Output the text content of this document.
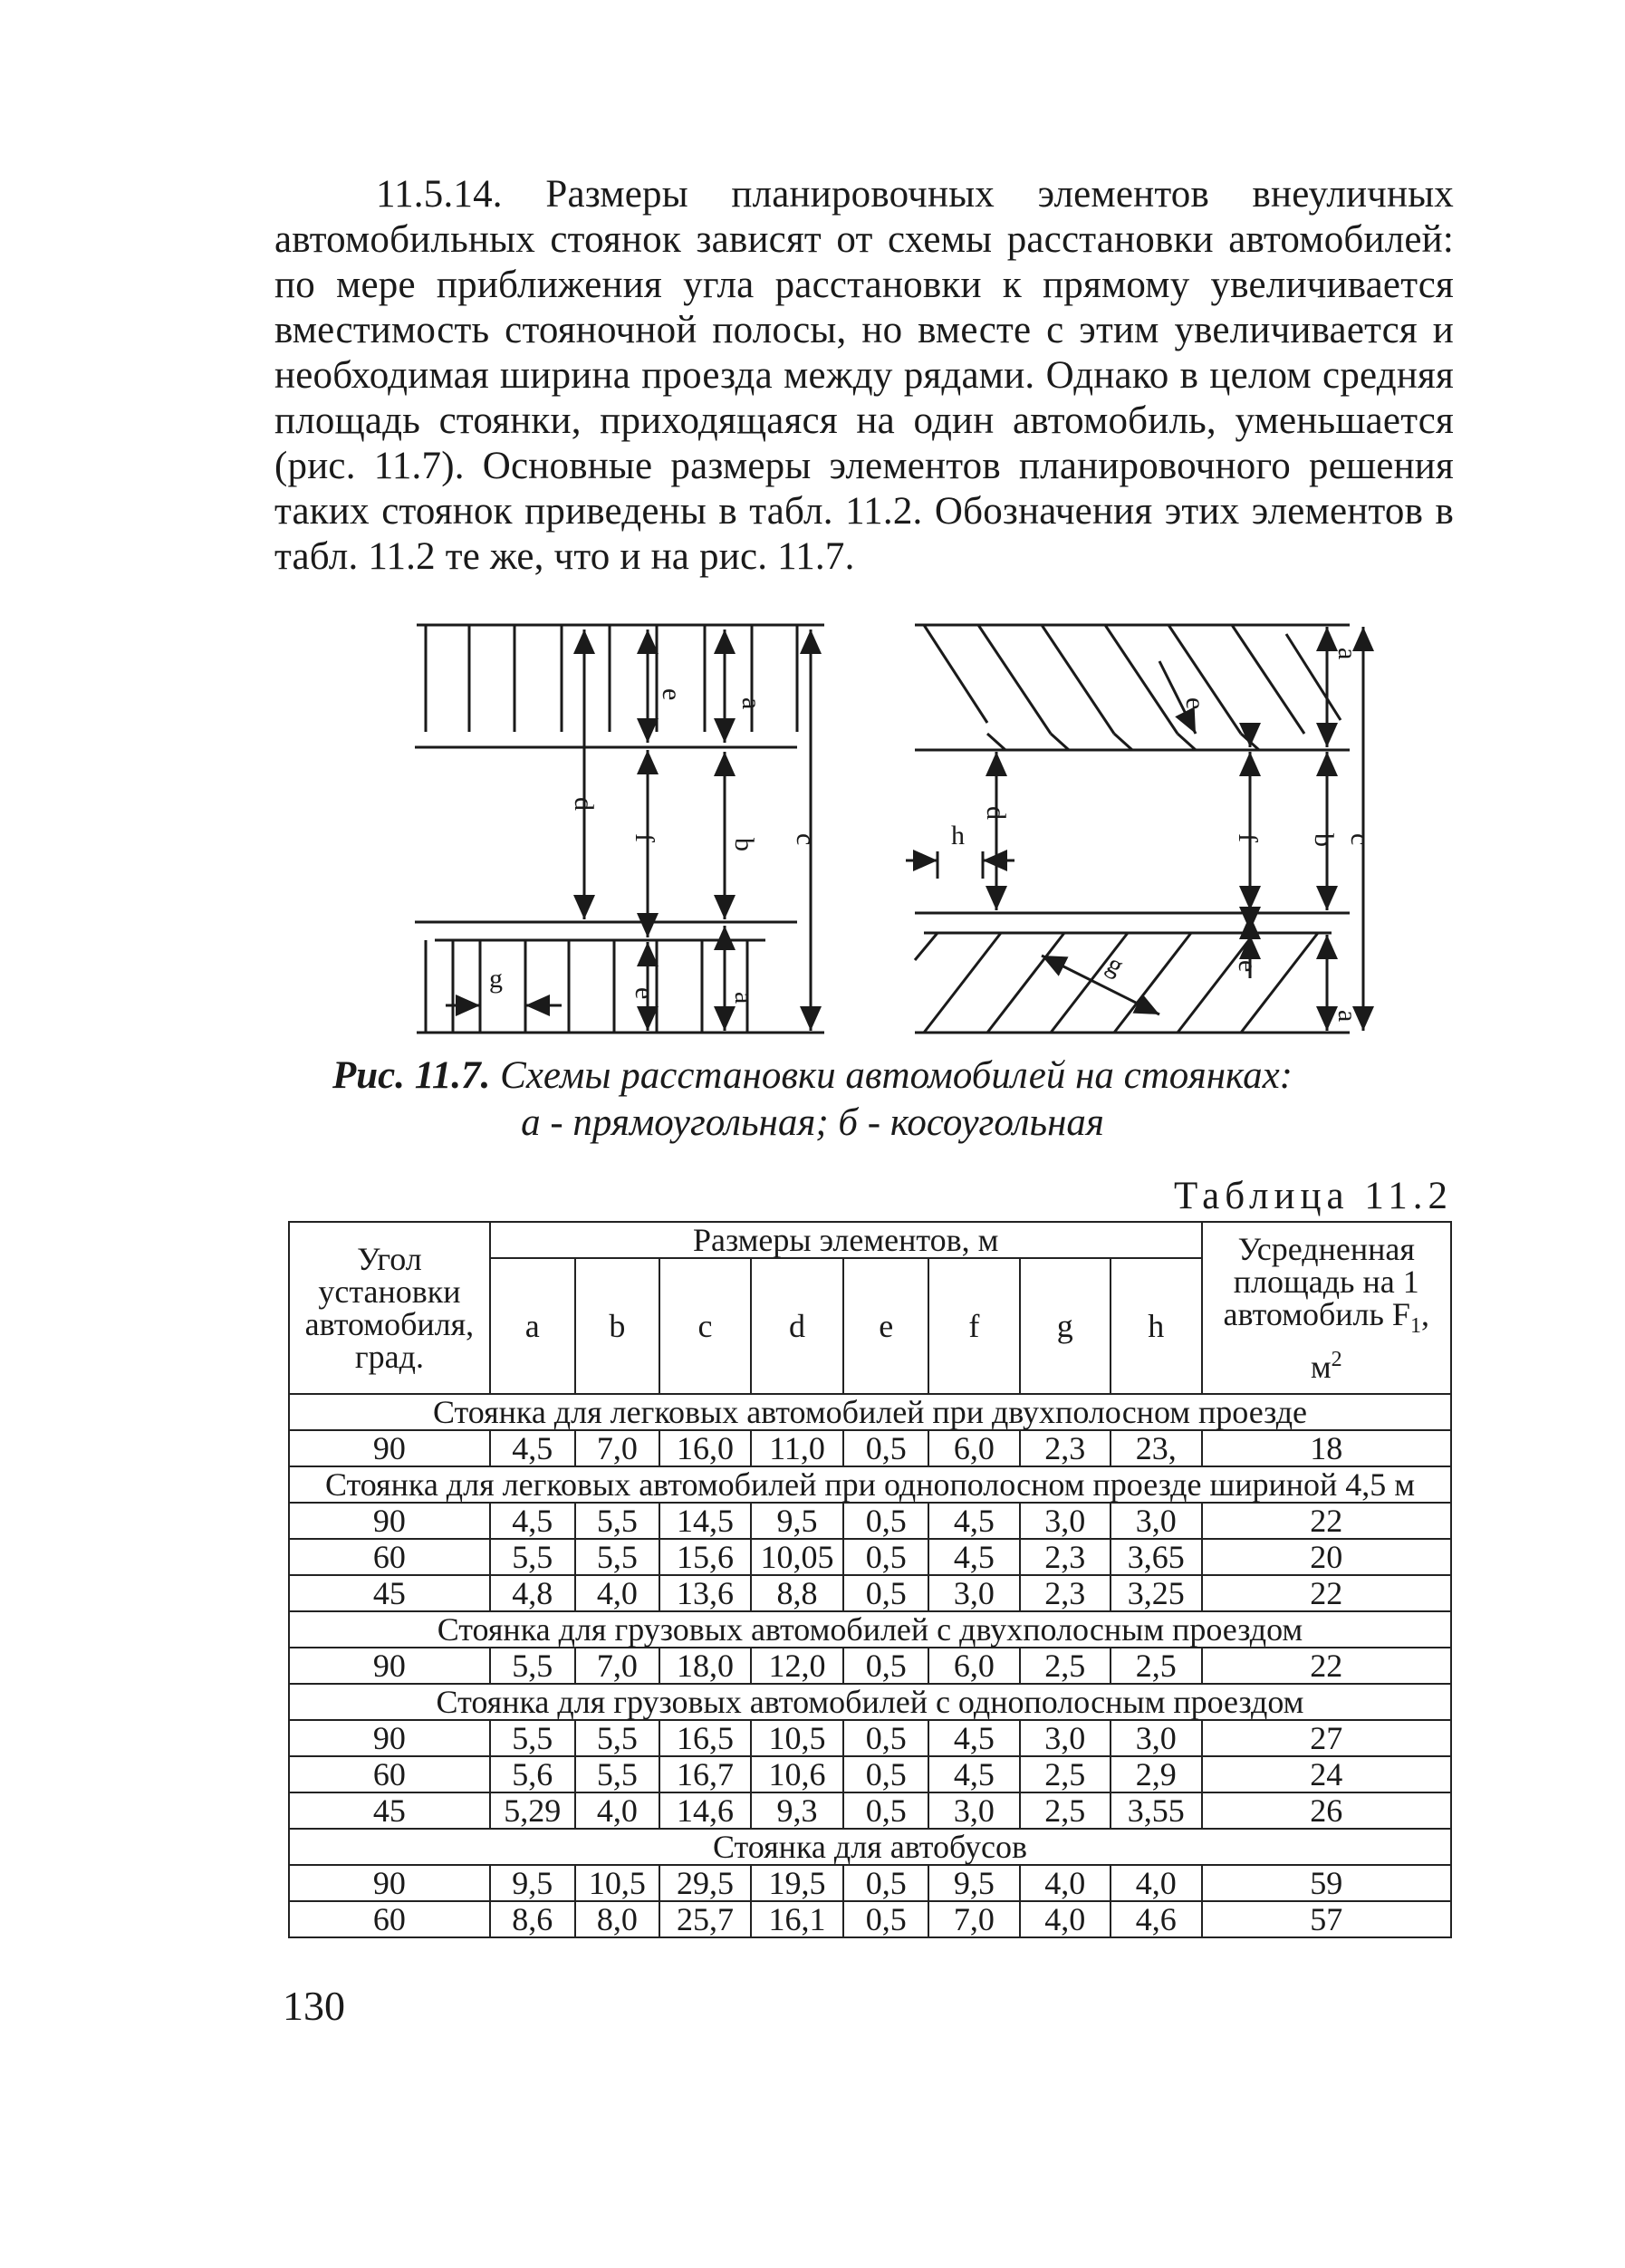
11.5.14. Размеры планировочных элементов внеуличных автомобильных стоянок зависят от схемы расстановки автомобилей: по мере приближения угла расстановки к прямому увеличивается вместимость стояночной полосы, но вместе с этим увеличивается и необходимая ширина проезда между рядами. Однако в целом средняя площадь стоянки, приходящаяся на один автомобиль, уменьшается (рис. 11.7). Основные размеры элементов планировочного решения таких стоянок приведены в табл. 11.2. Обозначения этих элементов в табл. 11.2 те же, что и на рис. 11.7.

а)
a
e
d
f	b c
e	a
g
б)
a
e
d
f b c
e
a
g
h

Рис. 11.7. Схемы расстановки автомобилей на стоянках:

а - прямоугольная; б - косоугольная

Таблица 11.2

Угол установки автомобиля, град.	Размеры элементов, м								Усредненная площадь на 1 автомобиль $F_1$, $м^2$
	a	b	c	d	e	f	g	h	
Стоянка для легковых автомобилей при двухполосном проезде									
90	4,5	7,0	16,0	11,0	0,5	6,0	2,3	23,	18
Стоянка для легковых автомобилей при однополосном проезде шириной 4,5 м									
90	4,5	5,5	14,5	9,5	0,5	4,5	3,0	3,0	22
60	5,5	5,5	15,6	10,05	0,5	4,5	2,3	3,65	20
45	4,8	4,0	13,6	8,8	0,5	3,0	2,3	3,25	22
Стоянка для грузовых автомобилей с двухполосным проездом									
90	5,5	7,0	18,0	12,0	0,5	6,0	2,5	2,5	22
Стоянка для грузовых автомобилей с однополосным проездом									
90	5,5	5,5	16,5	10,5	0,5	4,5	3,0	3,0	27
60	5,6	5,5	16,7	10,6	0,5	4,5	2,5	2,9	24
45	5,29	4,0	14,6	9,3	0,5	3,0	2,5	3,55	26
Стоянка для автобусов									
90	9,5	10,5	29,5	19,5	0,5	9,5	4,0	4,0	59
60	8,6	8,0	25,7	16,1	0,5	7,0	4,0	4,6	57

130
